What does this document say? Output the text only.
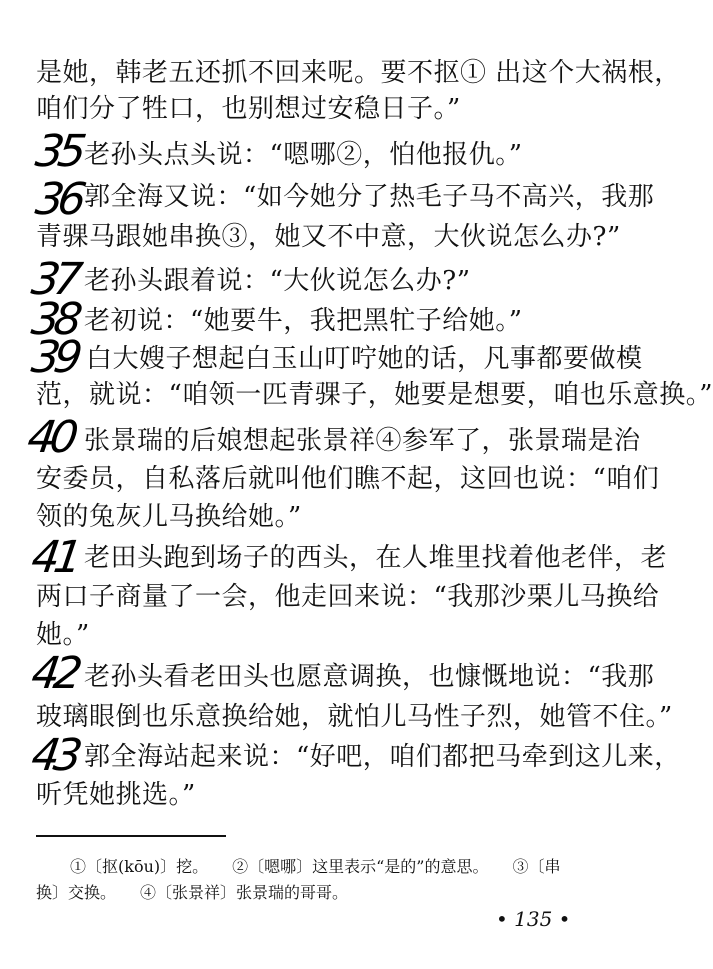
是她，韩老五还抓不回来呢。要不抠① 出这个大祸根，
咱们分了牲口，也别想过安稳日子。”
老孙头点头说：“嗯哪②，怕他报仇。”
郭全海又说：“如今她分了热毛子马不高兴，我那
青骒马跟她串换③，她又不中意，大伙说怎么办?”
老孙头跟着说：“大伙说怎么办?”
老初说：“她要牛，我把黑牤子给她。”
白大嫂子想起白玉山叮咛她的话，凡事都要做模
范，就说：“咱领一匹青骒子，她要是想要，咱也乐意换。”
张景瑞的后娘想起张景祥④参军了，张景瑞是治
安委员，自私落后就叫他们瞧不起，这回也说：“咱们
领的兔灰儿马换给她。”
老田头跑到场子的西头，在人堆里找着他老伴，老
两口子商量了一会，他走回来说：“我那沙栗儿马换给
她。”
老孙头看老田头也愿意调换，也慷慨地说：“我那
玻璃眼倒也乐意换给她，就怕儿马性子烈，她管不住。”
郭全海站起来说：“好吧，咱们都把马牵到这儿来，
听凭她挑选。”
35
36
37
38
39
40
41
42
43
①〔抠(kōu)〕挖。　　②〔嗯哪〕这里表示“是的”的意思。　　③〔串
换〕交换。　　④〔张景祥〕张景瑞的哥哥。
• 135 •
